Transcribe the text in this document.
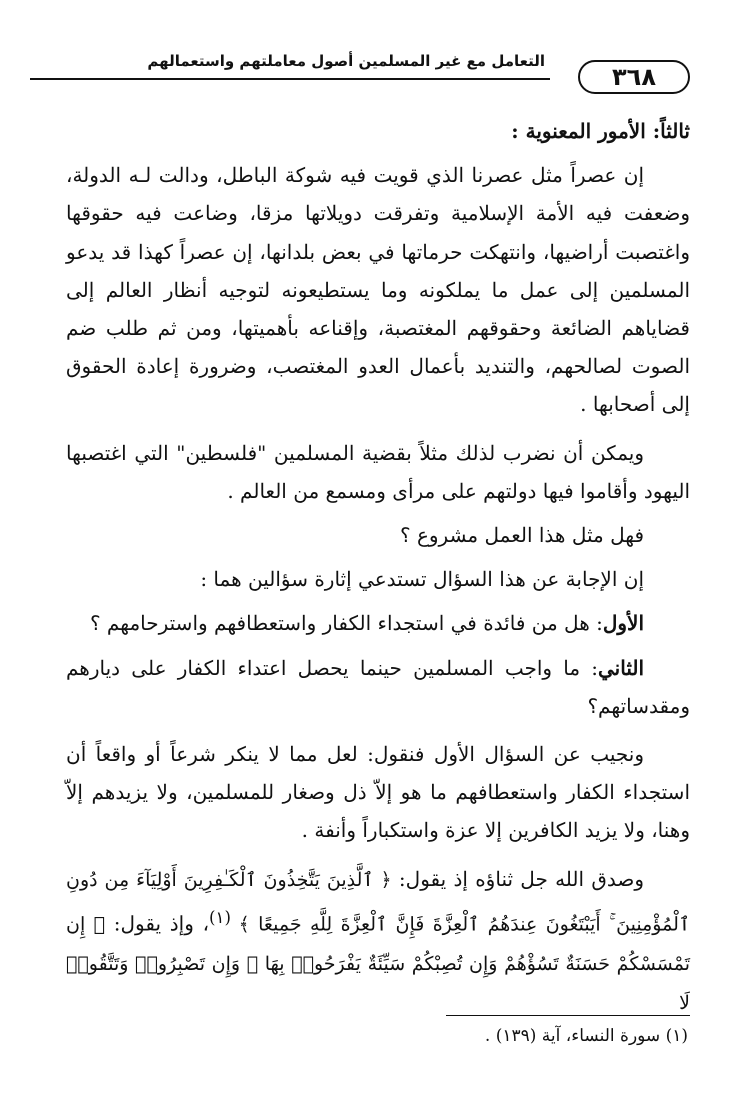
التعامل مع غير المسلمين أصول معاملتهم واستعمالهم
٣٦٨

ثالثاً: الأمور المعنوية :

إن عصراً مثل عصرنا الذي قويت فيه شوكة الباطل، ودالت لـه الدولة، وضعفت فيه الأمة الإسلامية وتفرقت دويلاتها مزقا، وضاعت فيه حقوقها واغتصبت أراضيها، وانتهكت حرماتها في بعض بلدانها، إن عصراً كهذا قد يدعو المسلمين إلى عمل ما يملكونه وما يستطيعونه لتوجيه أنظار العالم إلى قضاياهم الضائعة وحقوقهم المغتصبة، وإقناعه بأهميتها، ومن ثم طلب ضم الصوت لصالحهم، والتنديد بأعمال العدو المغتصب، وضرورة إعادة الحقوق إلى أصحابها .

ويمكن أن نضرب لذلك مثلاً بقضية المسلمين "فلسطين" التي اغتصبها اليهود وأقاموا فيها دولتهم على مرأى ومسمع من العالم .

فهل مثل هذا العمل مشروع ؟

إن الإجابة عن هذا السؤال تستدعي إثارة سؤالين هما :

الأول: هل من فائدة في استجداء الكفار واستعطافهم واسترحامهم ؟

الثاني: ما واجب المسلمين حينما يحصل اعتداء الكفار على ديارهم ومقدساتهم؟

ونجيب عن السؤال الأول فنقول: لعل مما لا ينكر شرعاً أو واقعاً أن استجداء الكفار واستعطافهم ما هو إلاّ ذل وصغار للمسلمين، ولا يزيدهم إلاّ وهنا، ولا يزيد الكافرين إلا عزة واستكباراً وأنفة .

وصدق الله جل ثناؤه إذ يقول: ﴿ ٱلَّذِينَ يَتَّخِذُونَ ٱلْكَـٰفِرِينَ أَوْلِيَآءَ مِن دُونِ ٱلْمُؤْمِنِينَ ۚ أَيَبْتَغُونَ عِندَهُمُ ٱلْعِزَّةَ فَإِنَّ ٱلْعِزَّةَ لِلَّهِ جَمِيعًا ﴾ $^{(١)}$، وإذ يقول: ﴿ إِن تَمْسَسْكُمْ حَسَنَةٌ تَسُؤْهُمْ وَإِن تُصِبْكُمْ سَيِّئَةٌ يَفْرَحُوا۟ بِهَا ۖ وَإِن تَصْبِرُوا۟ وَتَتَّقُوا۟ لَا

(١) سورة النساء، آية (١٣٩) .
